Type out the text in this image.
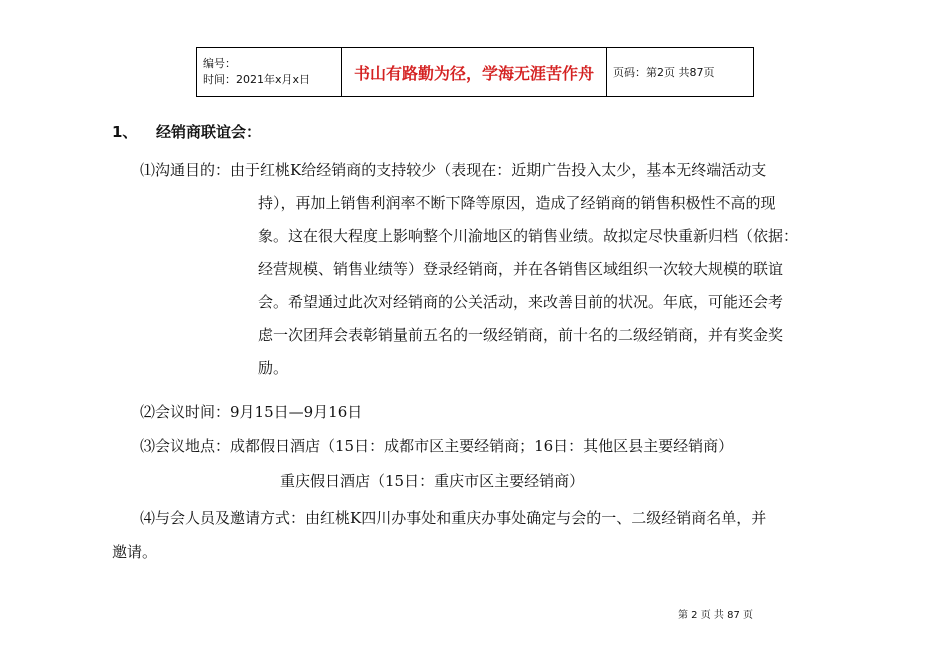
编号：
时间：2021年x月x日	书山有路勤为径，学海无涯苦作舟	页码：第2页 共87页
1、 经销商联谊会：
⑴沟通目的：由于红桃K给经销商的支持较少（表现在：近期广告投入太少，基本无终端活动支
持），再加上销售利润率不断下降等原因，造成了经销商的销售积极性不高的现
象。这在很大程度上影响整个川渝地区的销售业绩。故拟定尽快重新归档（依据：
经营规模、销售业绩等）登录经销商，并在各销售区域组织一次较大规模的联谊
会。希望通过此次对经销商的公关活动，来改善目前的状况。年底，可能还会考
虑一次团拜会表彰销量前五名的一级经销商，前十名的二级经销商，并有奖金奖
励。
⑵会议时间：9月15日—9月16日
⑶会议地点：成都假日酒店（15日：成都市区主要经销商；16日：其他区县主要经销商）
重庆假日酒店（15日：重庆市区主要经销商）
⑷与会人员及邀请方式：由红桃K四川办事处和重庆办事处确定与会的一、二级经销商名单，并
邀请。
第 2 页 共 87 页
